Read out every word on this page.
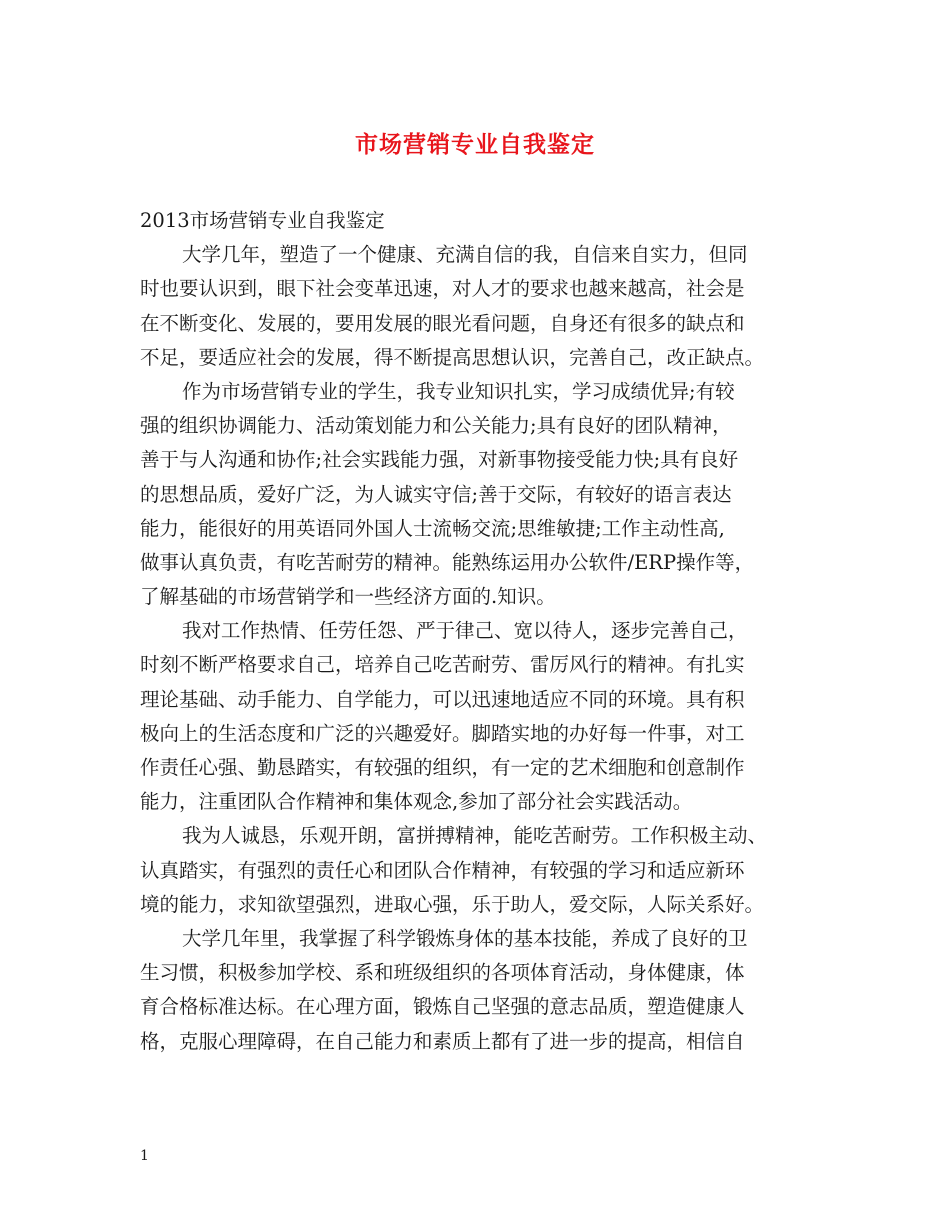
市场营销专业自我鉴定
2013市场营销专业自我鉴定
大学几年，塑造了一个健康、充满自信的我，自信来自实力，但同
时也要认识到，眼下社会变革迅速，对人才的要求也越来越高，社会是
在不断变化、发展的，要用发展的眼光看问题，自身还有很多的缺点和
不足，要适应社会的发展，得不断提高思想认识，完善自己，改正缺点。
作为市场营销专业的学生，我专业知识扎实，学习成绩优异;有较
强的组织协调能力、活动策划能力和公关能力;具有良好的团队精神，
善于与人沟通和协作;社会实践能力强，对新事物接受能力快;具有良好
的思想品质，爱好广泛，为人诚实守信;善于交际，有较好的语言表达
能力，能很好的用英语同外国人士流畅交流;思维敏捷;工作主动性高,
做事认真负责，有吃苦耐劳的精神。能熟练运用办公软件/ERP操作等，
了解基础的市场营销学和一些经济方面的.知识。
我对工作热情、任劳任怨、严于律己、宽以待人，逐步完善自己，
时刻不断严格要求自己，培养自己吃苦耐劳、雷厉风行的精神。有扎实
理论基础、动手能力、自学能力，可以迅速地适应不同的环境。具有积
极向上的生活态度和广泛的兴趣爱好。脚踏实地的办好每一件事，对工
作责任心强、勤恳踏实，有较强的组织，有一定的艺术细胞和创意制作
能力，注重团队合作精神和集体观念,参加了部分社会实践活动。
我为人诚恳，乐观开朗，富拼搏精神，能吃苦耐劳。工作积极主动、
认真踏实，有强烈的责任心和团队合作精神，有较强的学习和适应新环
境的能力，求知欲望强烈，进取心强，乐于助人，爱交际，人际关系好。
大学几年里，我掌握了科学锻炼身体的基本技能，养成了良好的卫
生习惯，积极参加学校、系和班级组织的各项体育活动，身体健康，体
育合格标准达标。在心理方面，锻炼自己坚强的意志品质，塑造健康人
格，克服心理障碍，在自己能力和素质上都有了进一步的提高，相信自
1
